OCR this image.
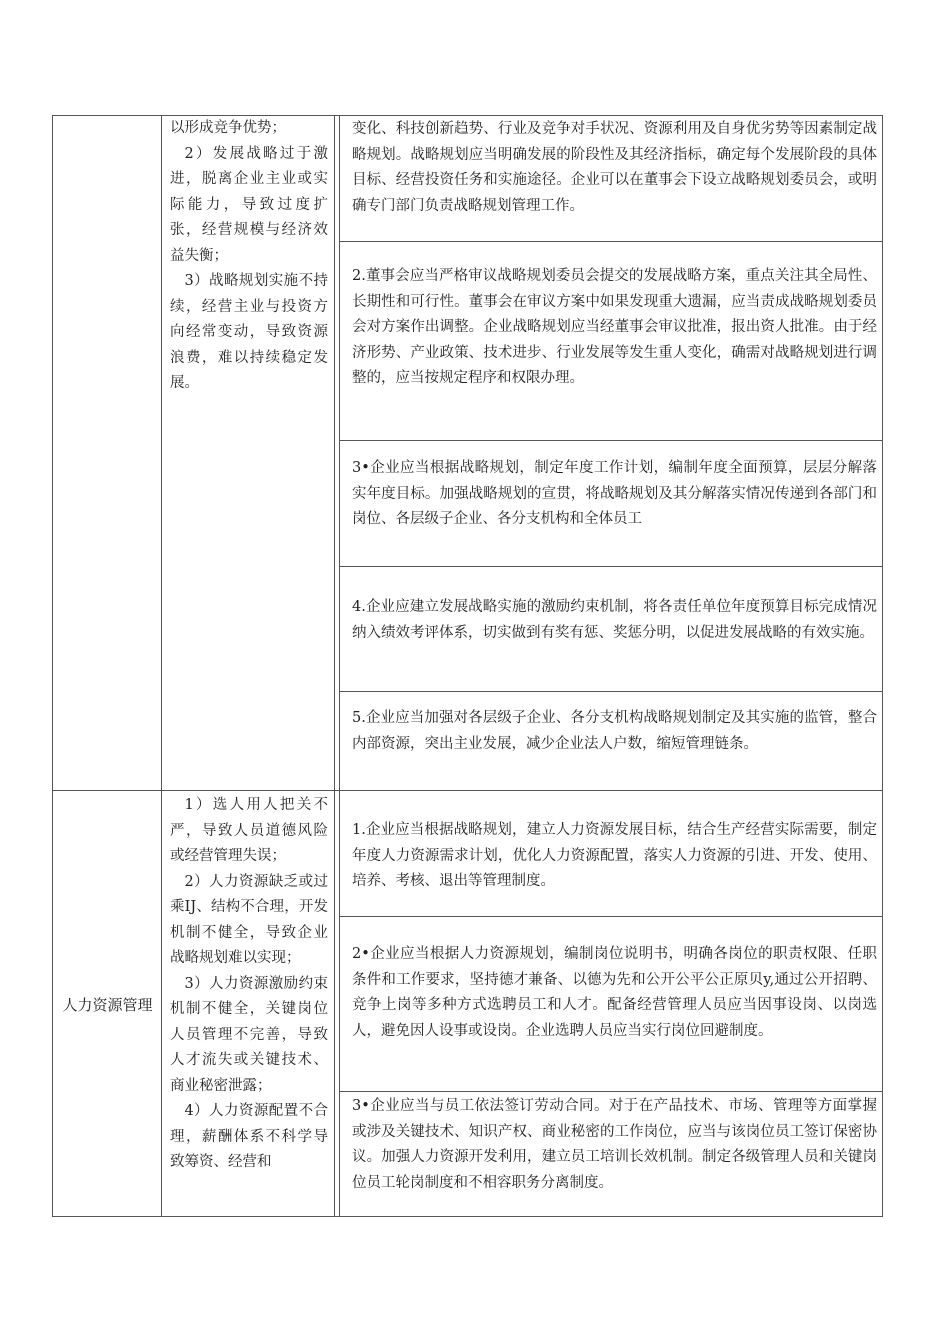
以形成竞争优势；

2）发展战略过于激进，脱离企业主业或实际能力，导致过度扩张，经营规模与经济效益失衡；

3）战略规划实施不持续，经营主业与投资方向经常变动，导致资源浪费，难以持续稳定发展。

变化、科技创新趋势、行业及竞争对手状况、资源利用及自身优劣势等因素制定战略规划。战略规划应当明确发展的阶段性及其经济指标，确定每个发展阶段的具体目标、经营投资任务和实施途径。企业可以在董事会下设立战略规划委员会，或明确专门部门负责战略规划管理工作。
2.董事会应当严格审议战略规划委员会提交的发展战略方案，重点关注其全局性、长期性和可行性。董事会在审议方案中如果发现重大遗漏，应当责成战略规划委员会对方案作出调整。企业战略规划应当经董事会审议批准，报出资人批准。由于经济形势、产业政策、技术进步、行业发展等发生重人变化，确需对战略规划进行调整的，应当按规定程序和权限办理。
3•企业应当根据战略规划，制定年度工作计划，编制年度全面预算，层层分解落实年度目标。加强战略规划的宣贯，将战略规划及其分解落实情况传递到各部门和岗位、各层级子企业、各分支机构和全体员工
4.企业应建立发展战略实施的激励约束机制，将各责任单位年度预算目标完成情况纳入绩效考评体系，切实做到有奖有惩、奖惩分明，以促进发展战略的有效实施。
5.企业应当加强对各层级子企业、各分支机构战略规划制定及其实施的监管，整合内部资源，突出主业发展，减少企业法人户数，缩短管理链条。
人力资源管理

1）选人用人把关不严，导致人员道德风险或经营管理失误；

2）人力资源缺乏或过乘IJ、结构不合理，开发机制不健全，导致企业战略规划难以实现；

3）人力资源激励约束机制不健全，关键岗位人员管理不完善，导致人才流失或关键技术、商业秘密泄露；

4）人力资源配置不合理，薪酬体系不科学导致筹资、经营和

1.企业应当根据战略规划，建立人力资源发展目标，结合生产经营实际需要，制定年度人力资源需求计划，优化人力资源配置，落实人力资源的引进、开发、使用、培养、考核、退出等管理制度。
2•企业应当根据人力资源规划，编制岗位说明书，明确各岗位的职责权限、任职条件和工作要求，坚持德才兼备、以德为先和公开公平公正原贝y,通过公开招聘、竞争上岗等多种方式选聘员工和人才。配备经营管理人员应当因事设岗、以岗选人，避免因人设事或设岗。企业选聘人员应当实行岗位回避制度。
3•企业应当与员工依法签订劳动合同。对于在产品技术、市场、管理等方面掌握或涉及关键技术、知识产权、商业秘密的工作岗位，应当与该岗位员工签订保密协议。加强人力资源开发利用，建立员工培训长效机制。制定各级管理人员和关键岗位员工轮岗制度和不相容职务分离制度。
